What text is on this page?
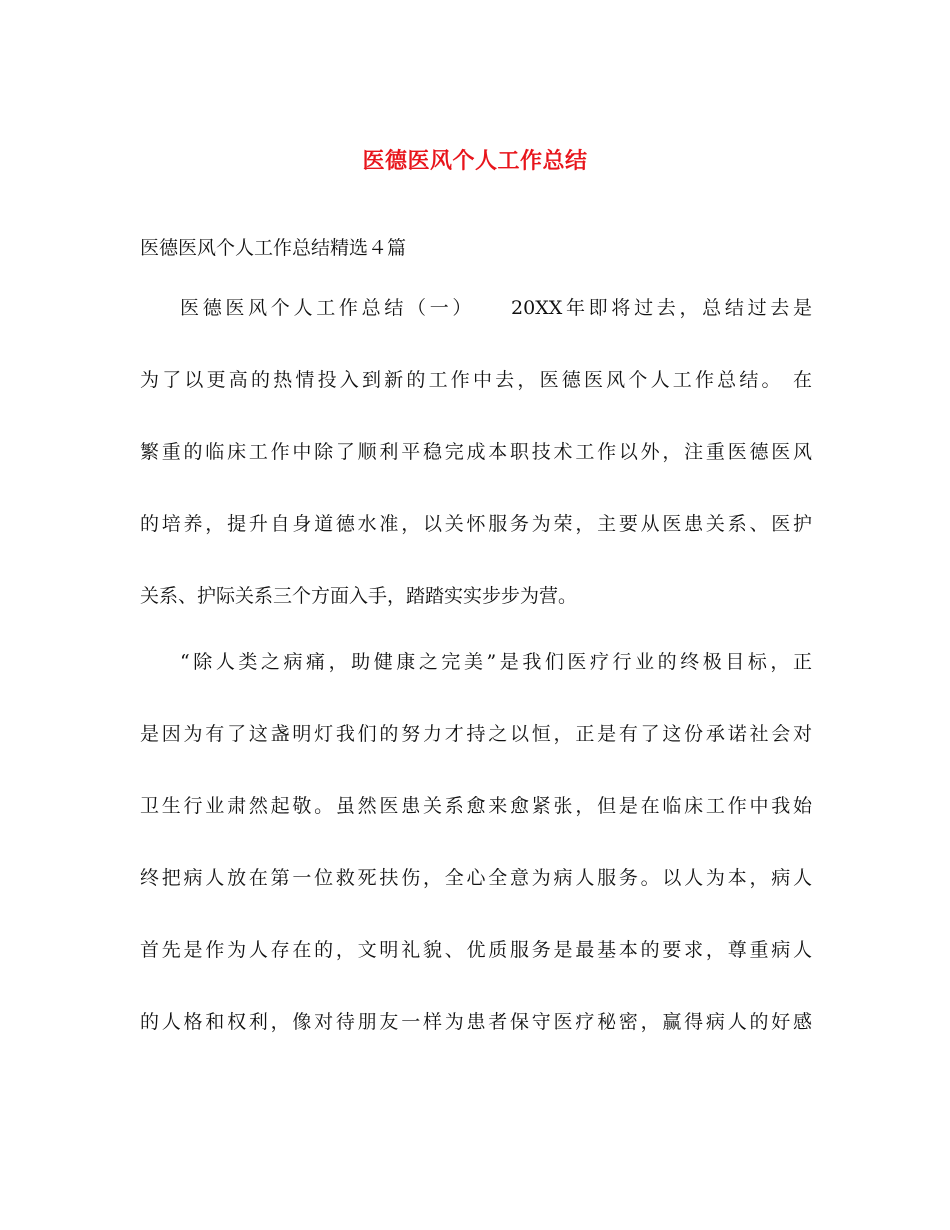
医德医风个人工作总结
医德医风个人工作总结精选４篇
医德医风个人工作总结（一）　　20XX年即将过去，总结过去是
为了以更高的热情投入到新的工作中去，医德医风个人工作总结。 在
繁重的临床工作中除了顺利平稳完成本职技术工作以外，注重医德医风
的培养，提升自身道德水准，以关怀服务为荣，主要从医患关系、医护
关系、护际关系三个方面入手，踏踏实实步步为营。
“除人类之病痛，助健康之完美”是我们医疗行业的终极目标，正
是因为有了这盏明灯我们的努力才持之以恒，正是有了这份承诺社会对
卫生行业肃然起敬。虽然医患关系愈来愈紧张，但是在临床工作中我始
终把病人放在第一位救死扶伤，全心全意为病人服务。以人为本，病人
首先是作为人存在的，文明礼貌、优质服务是最基本的要求，尊重病人
的人格和权利，像对待朋友一样为患者保守医疗秘密，赢得病人的好感
